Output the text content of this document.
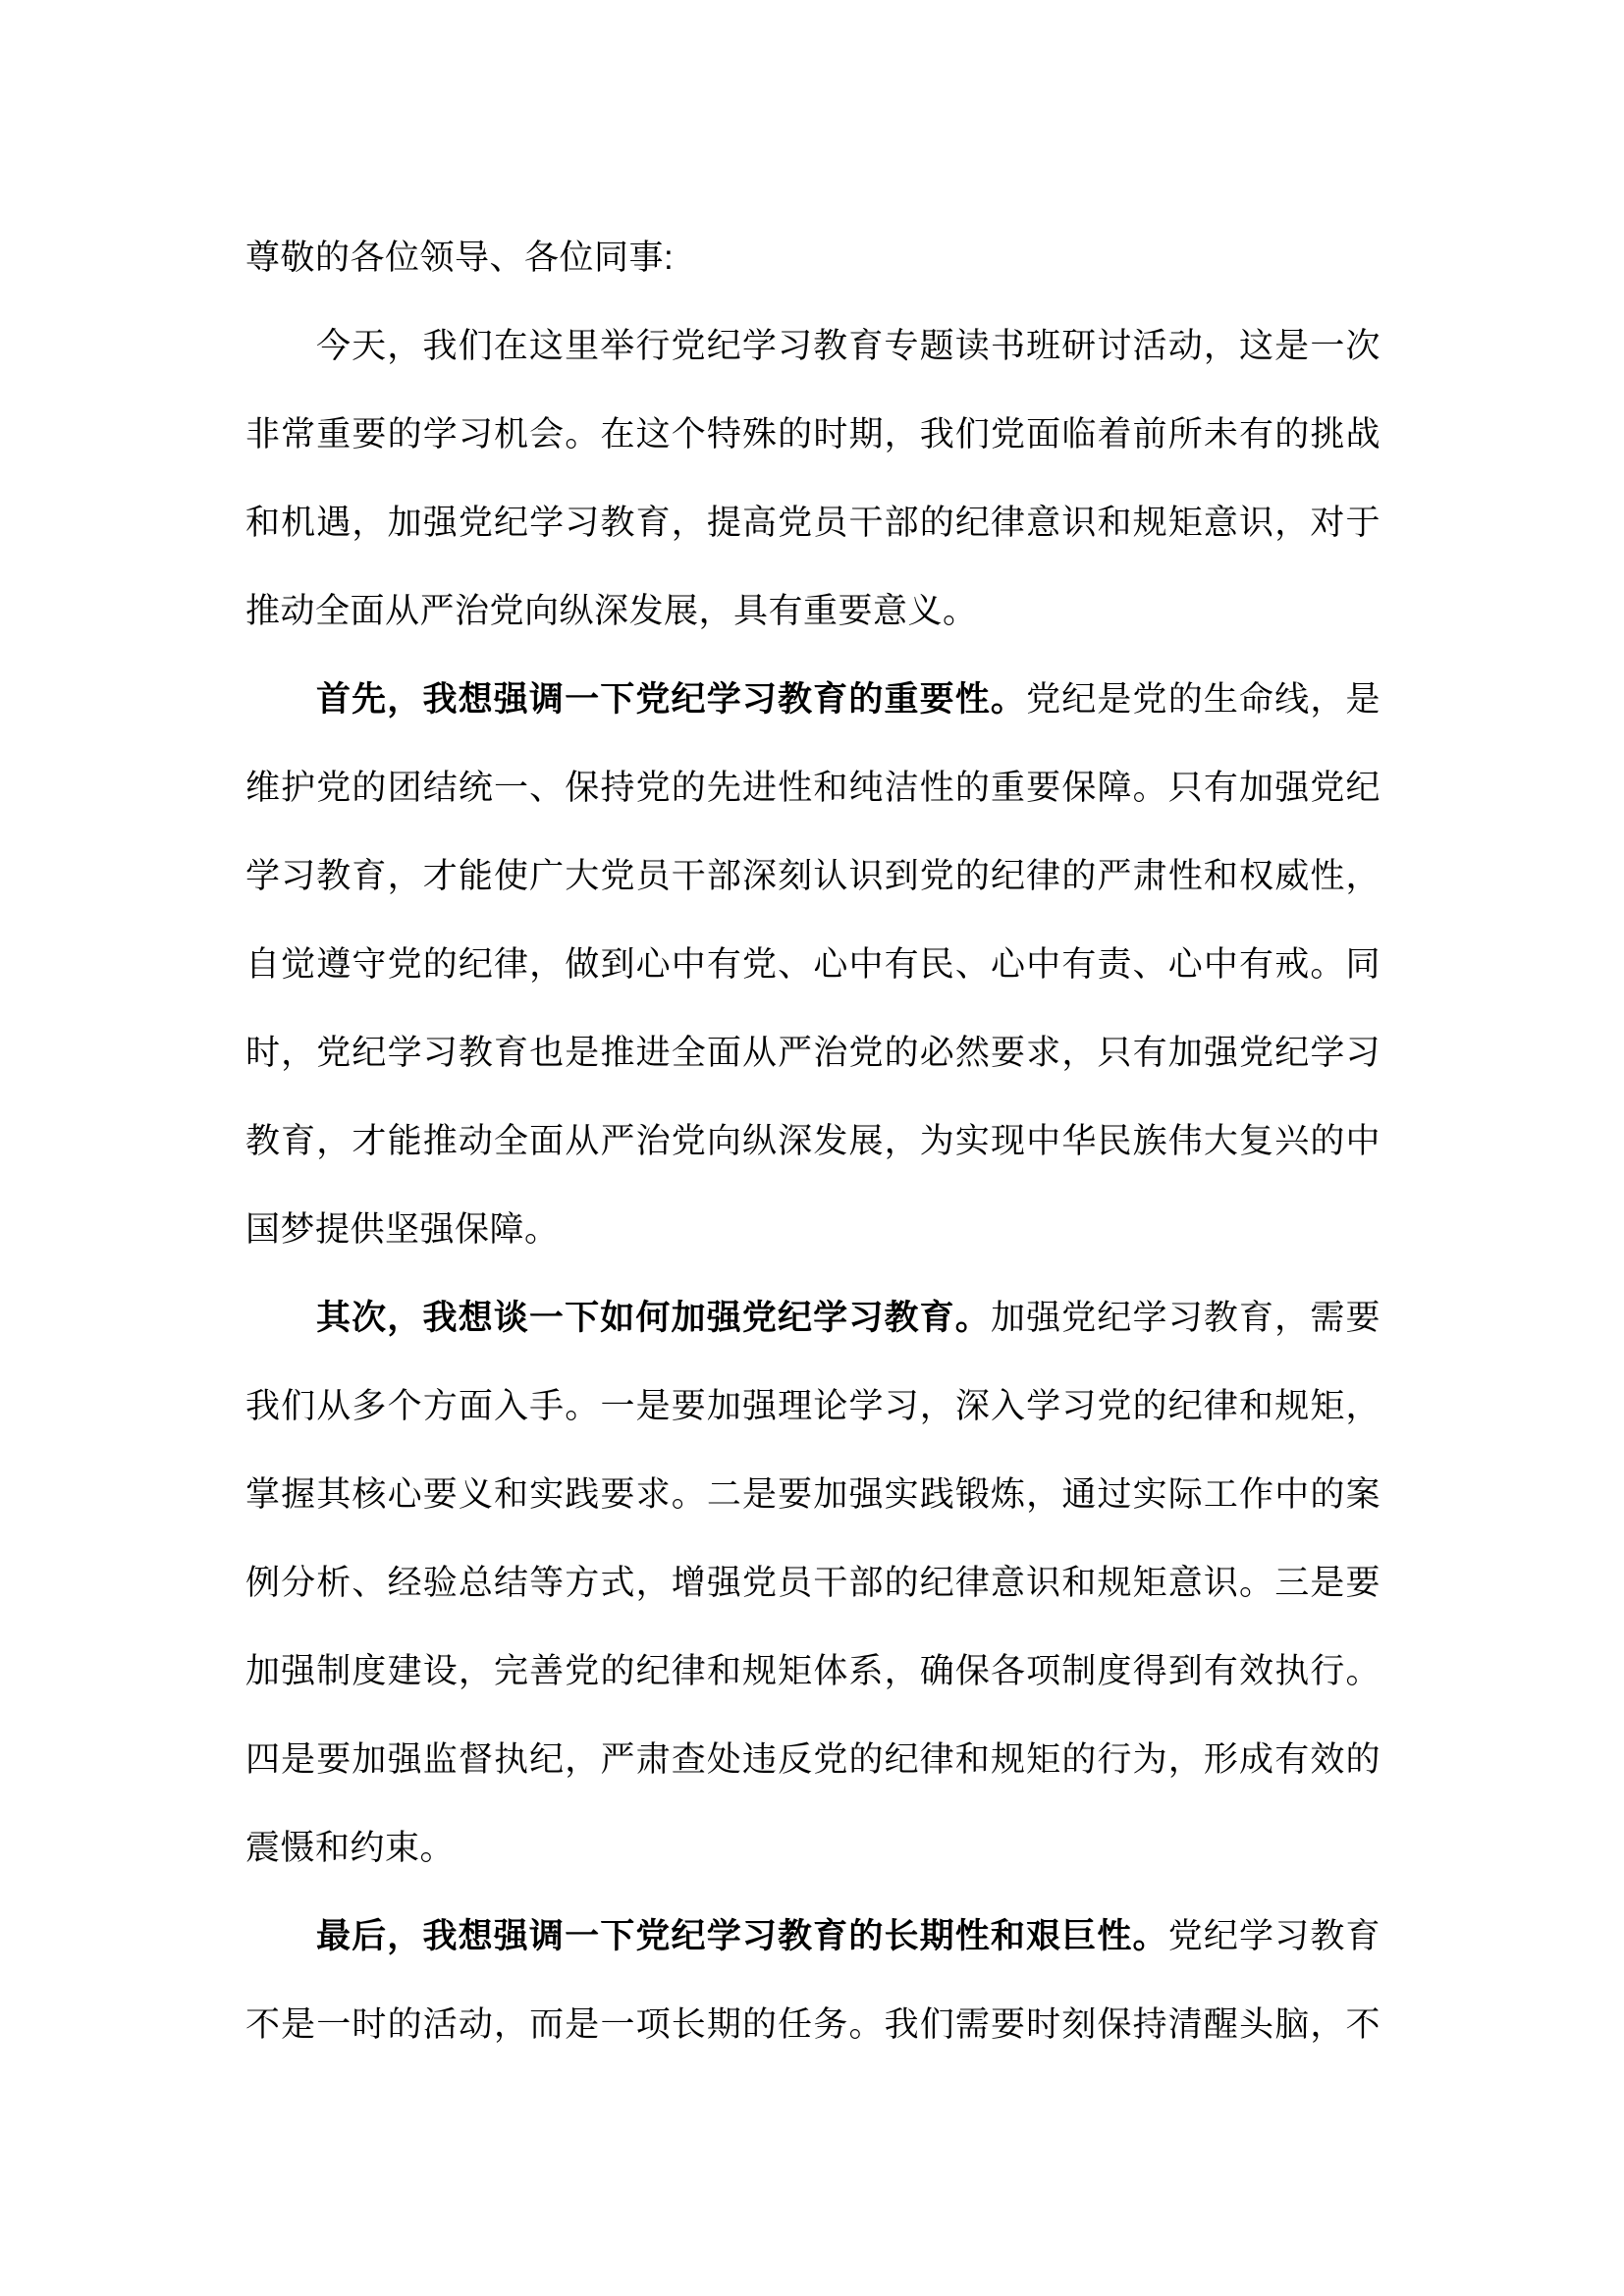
尊敬的各位领导、各位同事:
今天，我们在这里举行党纪学习教育专题读书班研讨活动，这是一次
非常重要的学习机会。在这个特殊的时期，我们党面临着前所未有的挑战
和机遇，加强党纪学习教育，提高党员干部的纪律意识和规矩意识，对于
推动全面从严治党向纵深发展，具有重要意义。
首先，我想强调一下党纪学习教育的重要性。党纪是党的生命线，是
维护党的团结统一、保持党的先进性和纯洁性的重要保障。只有加强党纪
学习教育，才能使广大党员干部深刻认识到党的纪律的严肃性和权威性，
自觉遵守党的纪律，做到心中有党、心中有民、心中有责、心中有戒。同
时，党纪学习教育也是推进全面从严治党的必然要求，只有加强党纪学习
教育，才能推动全面从严治党向纵深发展，为实现中华民族伟大复兴的中
国梦提供坚强保障。
其次，我想谈一下如何加强党纪学习教育。加强党纪学习教育，需要
我们从多个方面入手。一是要加强理论学习，深入学习党的纪律和规矩，
掌握其核心要义和实践要求。二是要加强实践锻炼，通过实际工作中的案
例分析、经验总结等方式，增强党员干部的纪律意识和规矩意识。三是要
加强制度建设，完善党的纪律和规矩体系，确保各项制度得到有效执行。
四是要加强监督执纪，严肃查处违反党的纪律和规矩的行为，形成有效的
震慑和约束。
最后，我想强调一下党纪学习教育的长期性和艰巨性。党纪学习教育
不是一时的活动，而是一项长期的任务。我们需要时刻保持清醒头脑，不
